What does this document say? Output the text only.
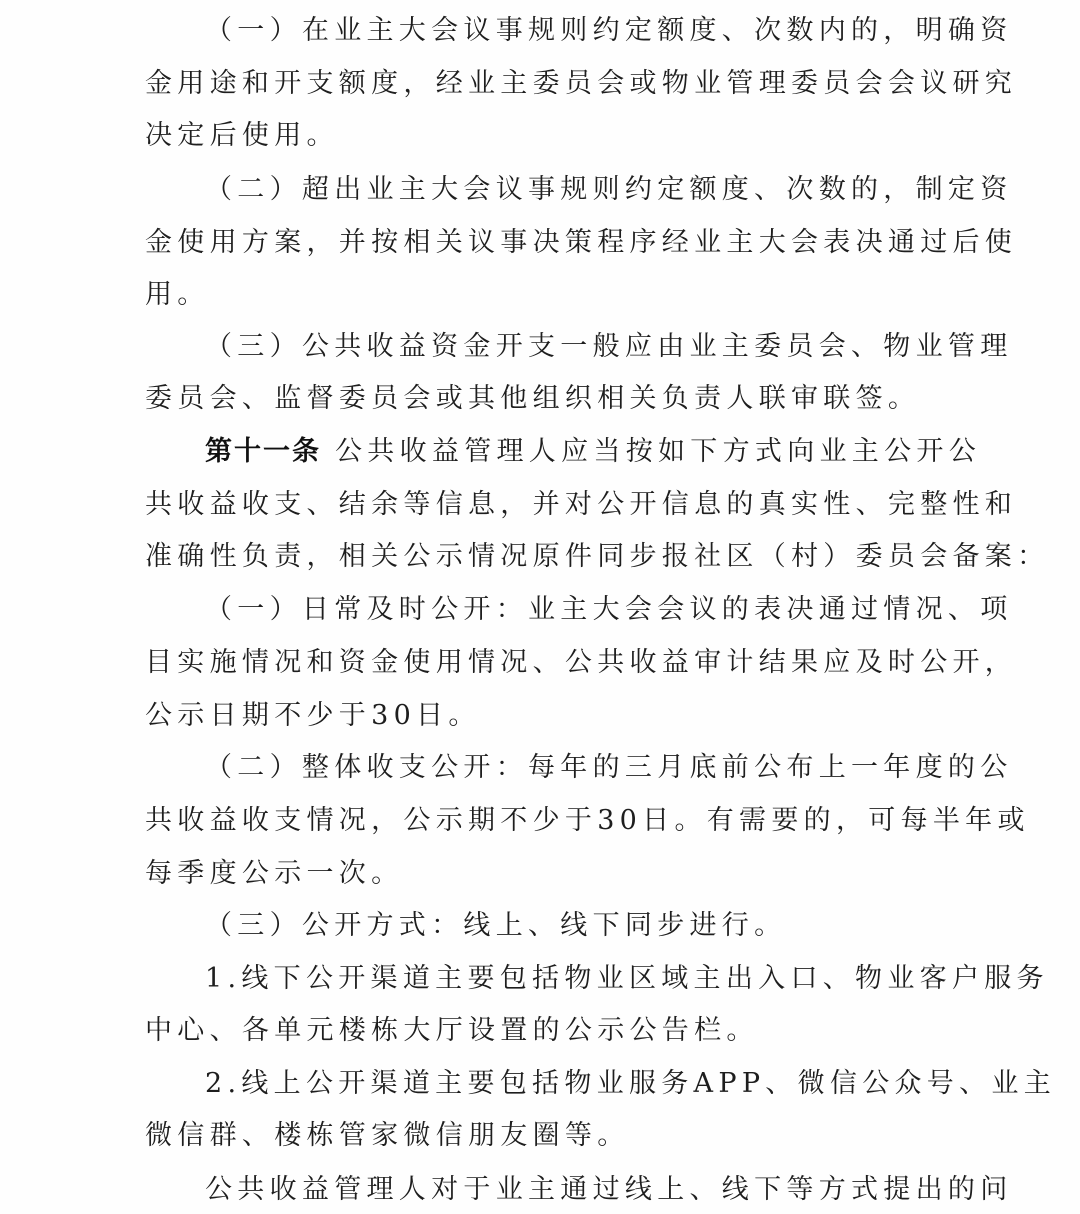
（一）在业主大会议事规则约定额度、次数内的，明确资
金用途和开支额度，经业主委员会或物业管理委员会会议研究
决定后使用。
（二）超出业主大会议事规则约定额度、次数的，制定资
金使用方案，并按相关议事决策程序经业主大会表决通过后使
用。
（三）公共收益资金开支一般应由业主委员会、物业管理
委员会、监督委员会或其他组织相关负责人联审联签。
第十一条 公共收益管理人应当按如下方式向业主公开公
共收益收支、结余等信息，并对公开信息的真实性、完整性和
准确性负责，相关公示情况原件同步报社区（村）委员会备案：
（一）日常及时公开：业主大会会议的表决通过情况、项
目实施情况和资金使用情况、公共收益审计结果应及时公开，
公示日期不少于30日。
（二）整体收支公开：每年的三月底前公布上一年度的公
共收益收支情况，公示期不少于30日。有需要的，可每半年或
每季度公示一次。
（三）公开方式：线上、线下同步进行。
1.线下公开渠道主要包括物业区域主出入口、物业客户服务
中心、各单元楼栋大厅设置的公示公告栏。
2.线上公开渠道主要包括物业服务APP、微信公众号、业主
微信群、楼栋管家微信朋友圈等。
公共收益管理人对于业主通过线上、线下等方式提出的问
